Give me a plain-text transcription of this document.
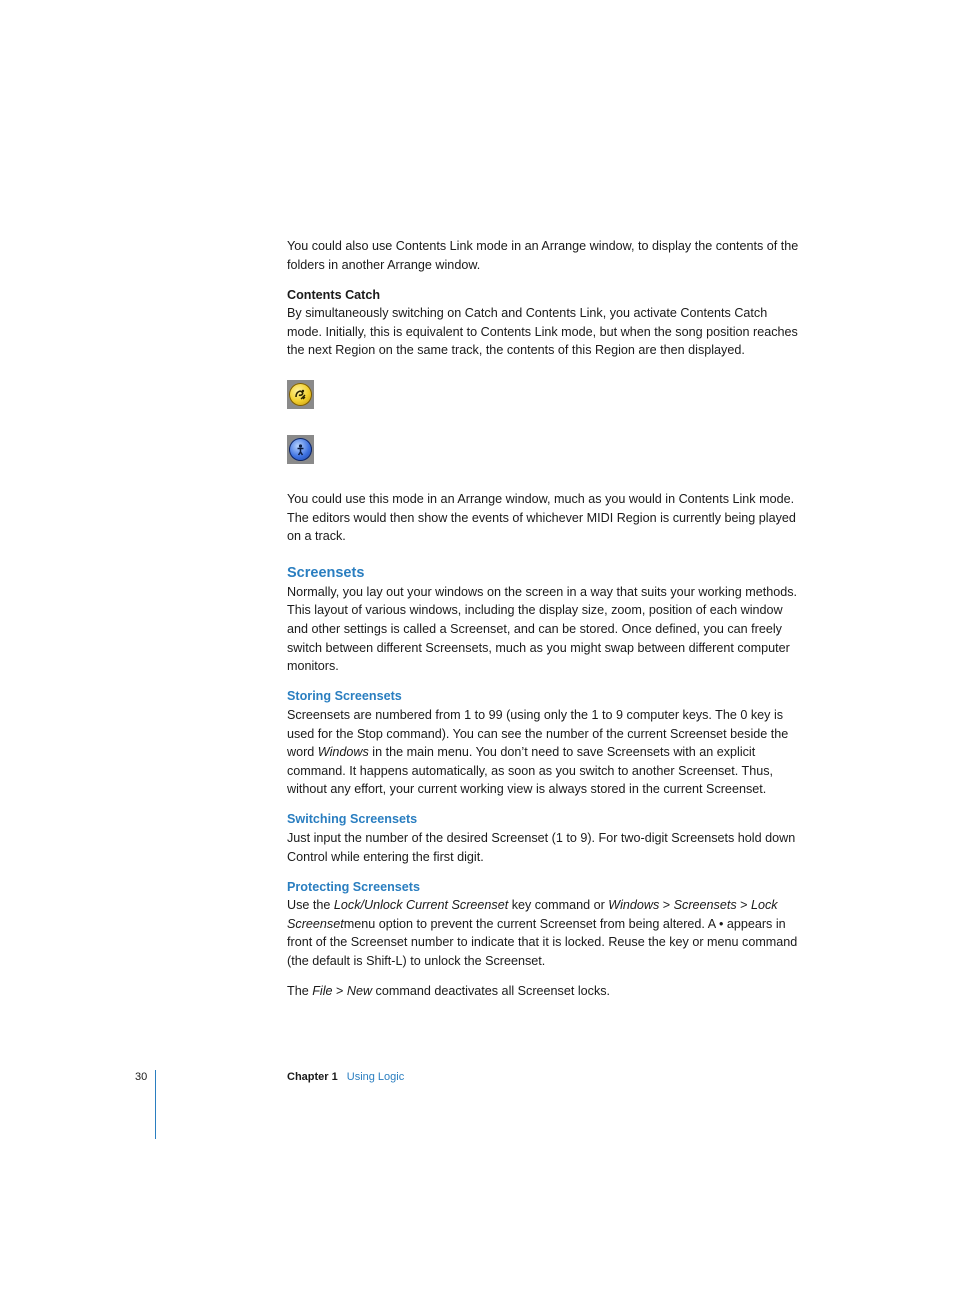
You could also use Contents Link mode in an Arrange window, to display the contents of the folders in another Arrange window.

Contents Catch

By simultaneously switching on Catch and Contents Link, you activate Contents Catch mode. Initially, this is equivalent to Contents Link mode, but when the song position reaches the next Region on the same track, the contents of this Region are then displayed.

You could use this mode in an Arrange window, much as you would in Contents Link mode. The editors would then show the events of whichever MIDI Region is currently being played on a track.

Screensets

Normally, you lay out your windows on the screen in a way that suits your working methods. This layout of various windows, including the display size, zoom, position of each window and other settings is called a Screenset, and can be stored. Once defined, you can freely switch between different Screensets, much as you might swap between different computer monitors.

Storing Screensets

Screensets are numbered from 1 to 99 (using only the 1 to 9 computer keys. The 0 key is used for the Stop command). You can see the number of the current Screenset beside the word Windows in the main menu. You don’t need to save Screensets with an explicit command. It happens automatically, as soon as you switch to another Screenset. Thus, without any effort, your current working view is always stored in the current Screenset.

Switching Screensets

Just input the number of the desired Screenset (1 to 9). For two-digit Screensets hold down Control while entering the first digit.

Protecting Screensets

Use the Lock/Unlock Current Screenset key command or Windows > Screensets > Lock Screensetmenu option to prevent the current Screenset from being altered. A • appears in front of the Screenset number to indicate that it is locked. Reuse the key or menu command (the default is Shift-L) to unlock the Screenset.

The File > New command deactivates all Screenset locks.

30	Chapter 1 Using Logic
